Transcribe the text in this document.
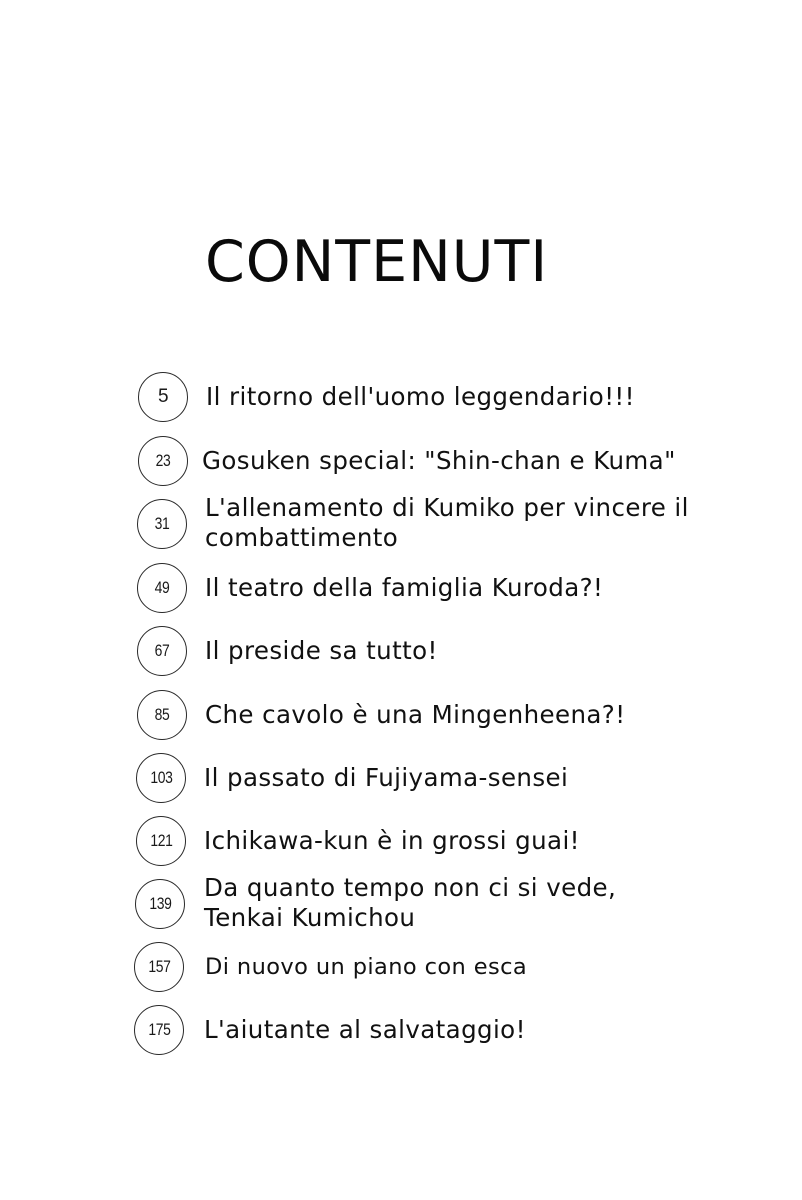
CONTENUTI
5 Il ritorno dell'uomo leggendario!!!
23 Gosuken special: "Shin-chan e Kuma"
31
L'allenamento di Kumiko per vincere il
combattimento
49 Il teatro della famiglia Kuroda?!
67 Il preside sa tutto!
85 Che cavolo è una Mingenheena?!
103 Il passato di Fujiyama-sensei
121 Ichikawa-kun è in grossi guai!
139
Da quanto tempo non ci si vede,
Tenkai Kumichou
157 Di nuovo un piano con esca
175 L'aiutante al salvataggio!
